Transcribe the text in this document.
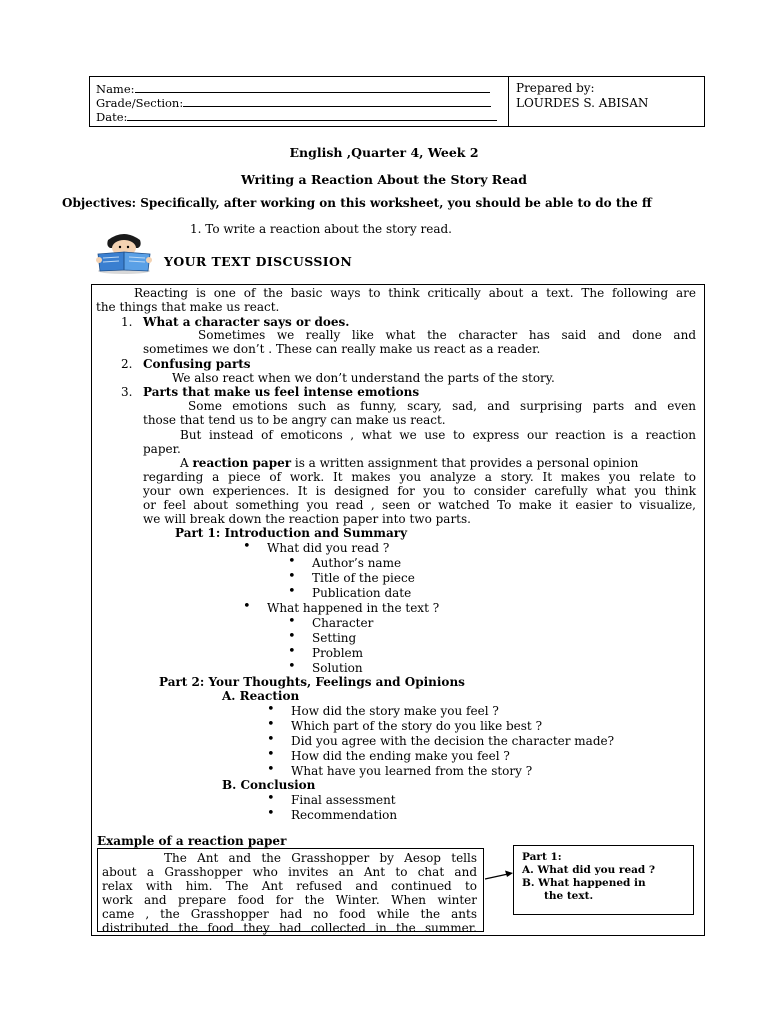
Name:
Grade/Section:
Date:
Prepared by:
LOURDES S. ABISAN
English ,Quarter 4, Week 2
Writing a Reaction About the Story Read
Objectives: Specifically, after working on this worksheet, you should be able to do the ff
1. To write a reaction about the story read.
YOUR TEXT DISCUSSION
Reacting is one of the basic ways to think critically about a text. The following are
the things that make us react.
1. What a character says or does.
Sometimes we really like what the character has said and done and
sometimes we don’t . These can really make us react as a reader.
2. Confusing parts
We also react when we don’t understand the parts of the story.
3. Parts that make us feel intense emotions
Some emotions such as funny, scary, sad, and surprising parts and even
those that tend us to be angry can make us react.
But instead of emoticons , what we use to express our reaction is a reaction
paper.
A reaction paper is a written assignment that provides a personal opinion
regarding a piece of work. It makes you analyze a story. It makes you relate to
your own experiences. It is designed for you to consider carefully what you think
or feel about something you read , seen or watched To make it easier to visualize,
we will break down the reaction paper into two parts.
Part 1: Introduction and Summary
• What did you read ?
• Author’s name
• Title of the piece
• Publication date
• What happened in the text ?
• Character
• Setting
• Problem
• Solution
Part 2: Your Thoughts, Feelings and Opinions
A. Reaction
• How did the story make you feel ?
• Which part of the story do you like best ?
• Did you agree with the decision the character made?
• How did the ending make you feel ?
• What have you learned from the story ?
B. Conclusion
• Final assessment
• Recommendation
Example of a reaction paper
The Ant and the Grasshopper by Aesop tells
about a Grasshopper who invites an Ant to chat and
relax with him. The Ant refused and continued to
work and prepare food for the Winter. When winter
came , the Grasshopper had no food while the ants
distributed the food they had collected in the summer.
Part 1:
A. What did you read ?
B. What happened in
the text.
